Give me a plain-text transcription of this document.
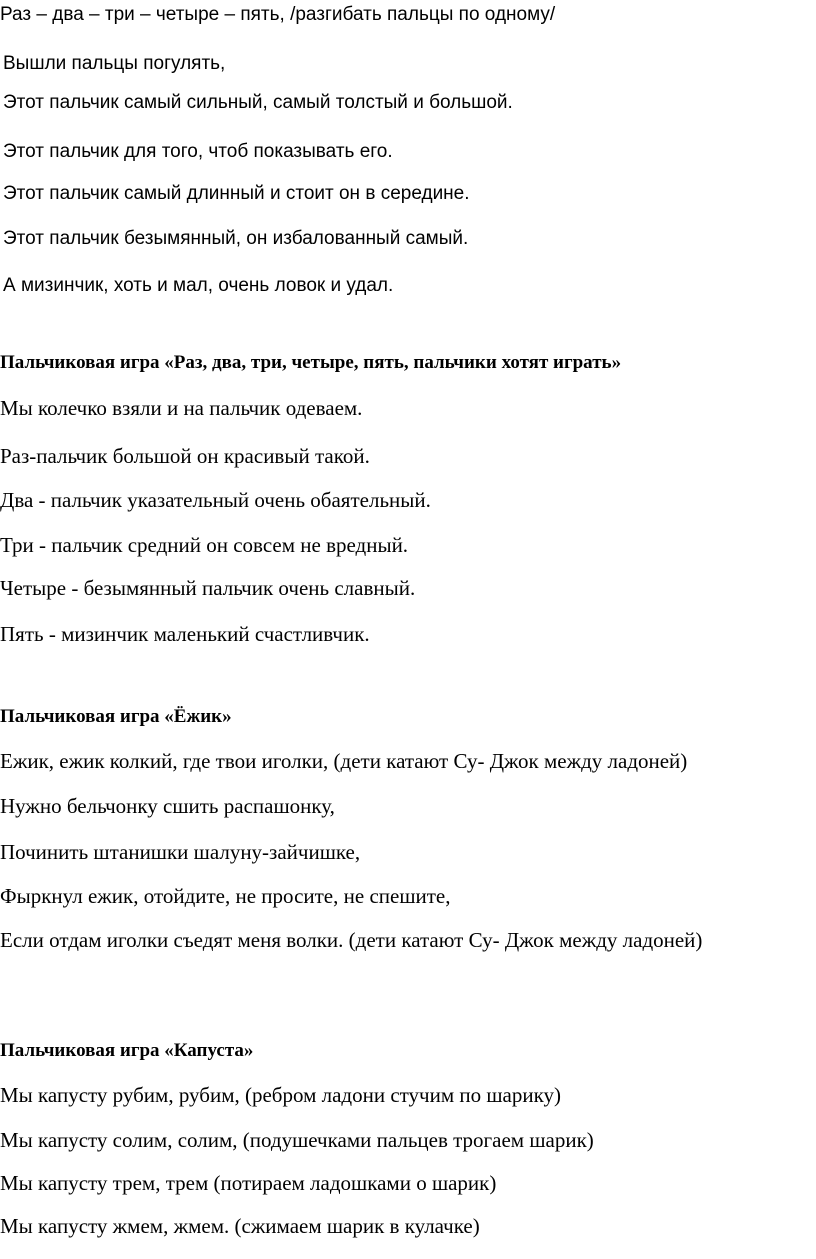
Раз – два – три – четыре – пять, /разгибать пальцы по одному/

Вышли пальцы погулять,

Этот пальчик самый сильный, самый толстый и большой.

Этот пальчик для того, чтоб показывать его.

Этот пальчик самый длинный и стоит он в середине.

Этот пальчик безымянный, он избалованный самый.

А мизинчик, хоть и мал, очень ловок и удал.

Пальчиковая игра «Раз, два, три, четыре, пять, пальчики хотят играть»

Мы колечко взяли и на пальчик одеваем.

Раз-пальчик большой он красивый такой.

Два - пальчик указательный очень обаятельный.

Три - пальчик средний он совсем не вредный.

Четыре - безымянный пальчик очень славный.

Пять - мизинчик маленький счастливчик.

Пальчиковая игра «Ёжик»

Ежик, ежик колкий, где твои иголки, (дети катают Су- Джок между ладоней)

Нужно бельчонку сшить распашонку,

Починить штанишки шалуну-зайчишке,

Фыркнул ежик, отойдите, не просите, не спешите,

Если отдам иголки съедят меня волки. (дети катают Су- Джок между ладоней)

Пальчиковая игра «Капуста»

Мы капусту рубим, рубим, (ребром ладони стучим по шарику)

Мы капусту солим, солим, (подушечками пальцев трогаем шарик)

Мы капусту трем, трем (потираем ладошками о шарик)

Мы капусту жмем, жмем. (сжимаем шарик в кулачке)
